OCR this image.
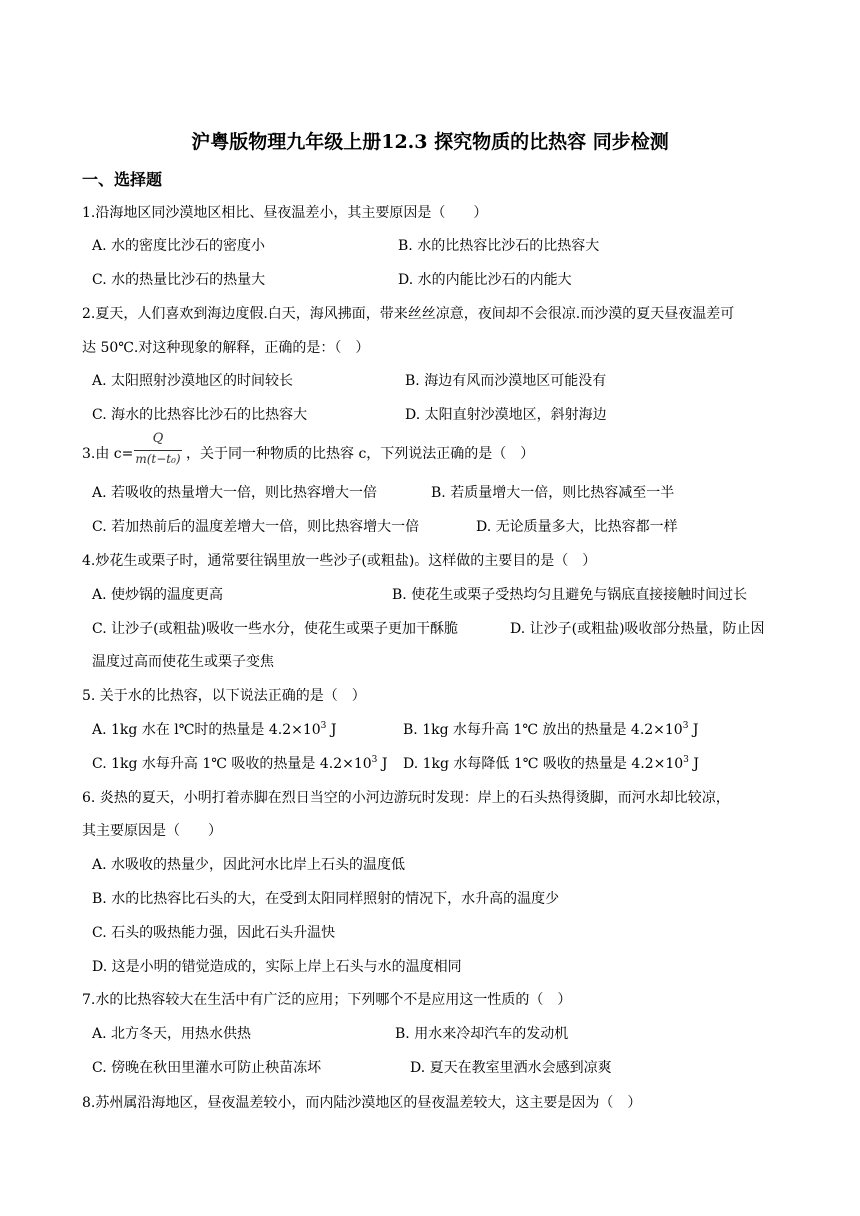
沪粤版物理九年级上册12.3 探究物质的比热容 同步检测
一、选择题
1.沿海地区同沙漠地区相比、昼夜温差小，其主要原因是（　　）
A. 水的密度比沙石的密度小	B. 水的比热容比沙石的比热容大
C. 水的热量比沙石的热量大	D. 水的内能比沙石的内能大
2.夏天，人们喜欢到海边度假.白天，海风拂面，带来丝丝凉意，夜间却不会很凉.而沙漠的夏天昼夜温差可
达 50℃.对这种现象的解释，正确的是：（　）
A. 太阳照射沙漠地区的时间较长	B. 海边有风而沙漠地区可能没有
C. 海水的比热容比沙石的比热容大	D. 太阳直射沙漠地区，斜射海边
3.由 c=
Q
m(t−t₀) ，关于同一种物质的比热容 c，下列说法正确的是（　）
A. 若吸收的热量增大一倍，则比热容增大一倍	B. 若质量增大一倍，则比热容减至一半
C. 若加热前后的温度差增大一倍，则比热容增大一倍	D. 无论质量多大，比热容都一样
4.炒花生或栗子时，通常要往锅里放一些沙子(或粗盐)。这样做的主要目的是（　）
A. 使炒锅的温度更高	B. 使花生或栗子受热均匀且避免与锅底直接接触时间过长
C. 让沙子(或粗盐)吸收一些水分，使花生或栗子更加干酥脆	D. 让沙子(或粗盐)吸收部分热量，防止因
温度过高而使花生或栗子变焦
5. 关于水的比热容，以下说法正确的是（　）
A. 1kg 水在 l℃时的热量是 $4.2\times 10^3$ J	B. 1kg 水每升高 1℃ 放出的热量是 $4.2\times 10^3$ J
C. 1kg 水每升高 1℃ 吸收的热量是 $4.2\times 10^3$ J D. 1kg 水每降低 1℃ 吸收的热量是 $4.2\times 10^3$ J
6. 炎热的夏天，小明打着赤脚在烈日当空的小河边游玩时发现：岸上的石头热得烫脚，而河水却比较凉，
其主要原因是（　　）
A. 水吸收的热量少，因此河水比岸上石头的温度低
B. 水的比热容比石头的大，在受到太阳同样照射的情况下，水升高的温度少
C. 石头的吸热能力强，因此石头升温快
D. 这是小明的错觉造成的，实际上岸上石头与水的温度相同
7.水的比热容较大在生活中有广泛的应用；下列哪个不是应用这一性质的（　）
A. 北方冬天，用热水供热	B. 用水来冷却汽车的发动机
C. 傍晚在秋田里灌水可防止秧苗冻坏	D. 夏天在教室里洒水会感到凉爽
8.苏州属沿海地区，昼夜温差较小，而内陆沙漠地区的昼夜温差较大，这主要是因为（　）
